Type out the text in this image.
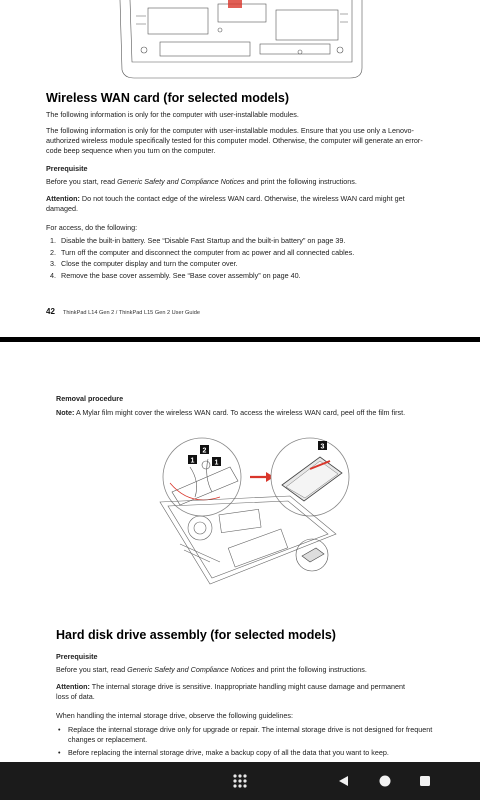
Wireless WAN card (for selected models)
The following information is only for the computer with user-installable modules.
The following information is only for the computer with user-installable modules. Ensure that you use only a Lenovo-authorized wireless module specifically tested for this computer model. Otherwise, the computer will generate an error-code beep sequence when you turn on the computer.
Prerequisite
Before you start, read Generic Safety and Compliance Notices and print the following instructions.
Attention: Do not touch the contact edge of the wireless WAN card. Otherwise, the wireless WAN card might get damaged.
For access, do the following:
1. Disable the built-in battery. See “Disable Fast Startup and the built-in battery” on page 39.
2. Turn off the computer and disconnect the computer from ac power and all connected cables.
3. Close the computer display and turn the computer over.
4. Remove the base cover assembly. See “Base cover assembly” on page 40.
42 ThinkPad L14 Gen 2 / ThinkPad L15 Gen 2 User Guide
Removal procedure
Note: A Mylar film might cover the wireless WAN card. To access the wireless WAN card, peel off the film first.
1
2
1
3
Hard disk drive assembly (for selected models)
Prerequisite
Before you start, read Generic Safety and Compliance Notices and print the following instructions.
Attention: The internal storage drive is sensitive. Inappropriate handling might cause damage and permanent loss of data.
When handling the internal storage drive, observe the following guidelines:
• Replace the internal storage drive only for upgrade or repair. The internal storage drive is not designed for frequent changes or replacement.
• Before replacing the internal storage drive, make a backup copy of all the data that you want to keep.
